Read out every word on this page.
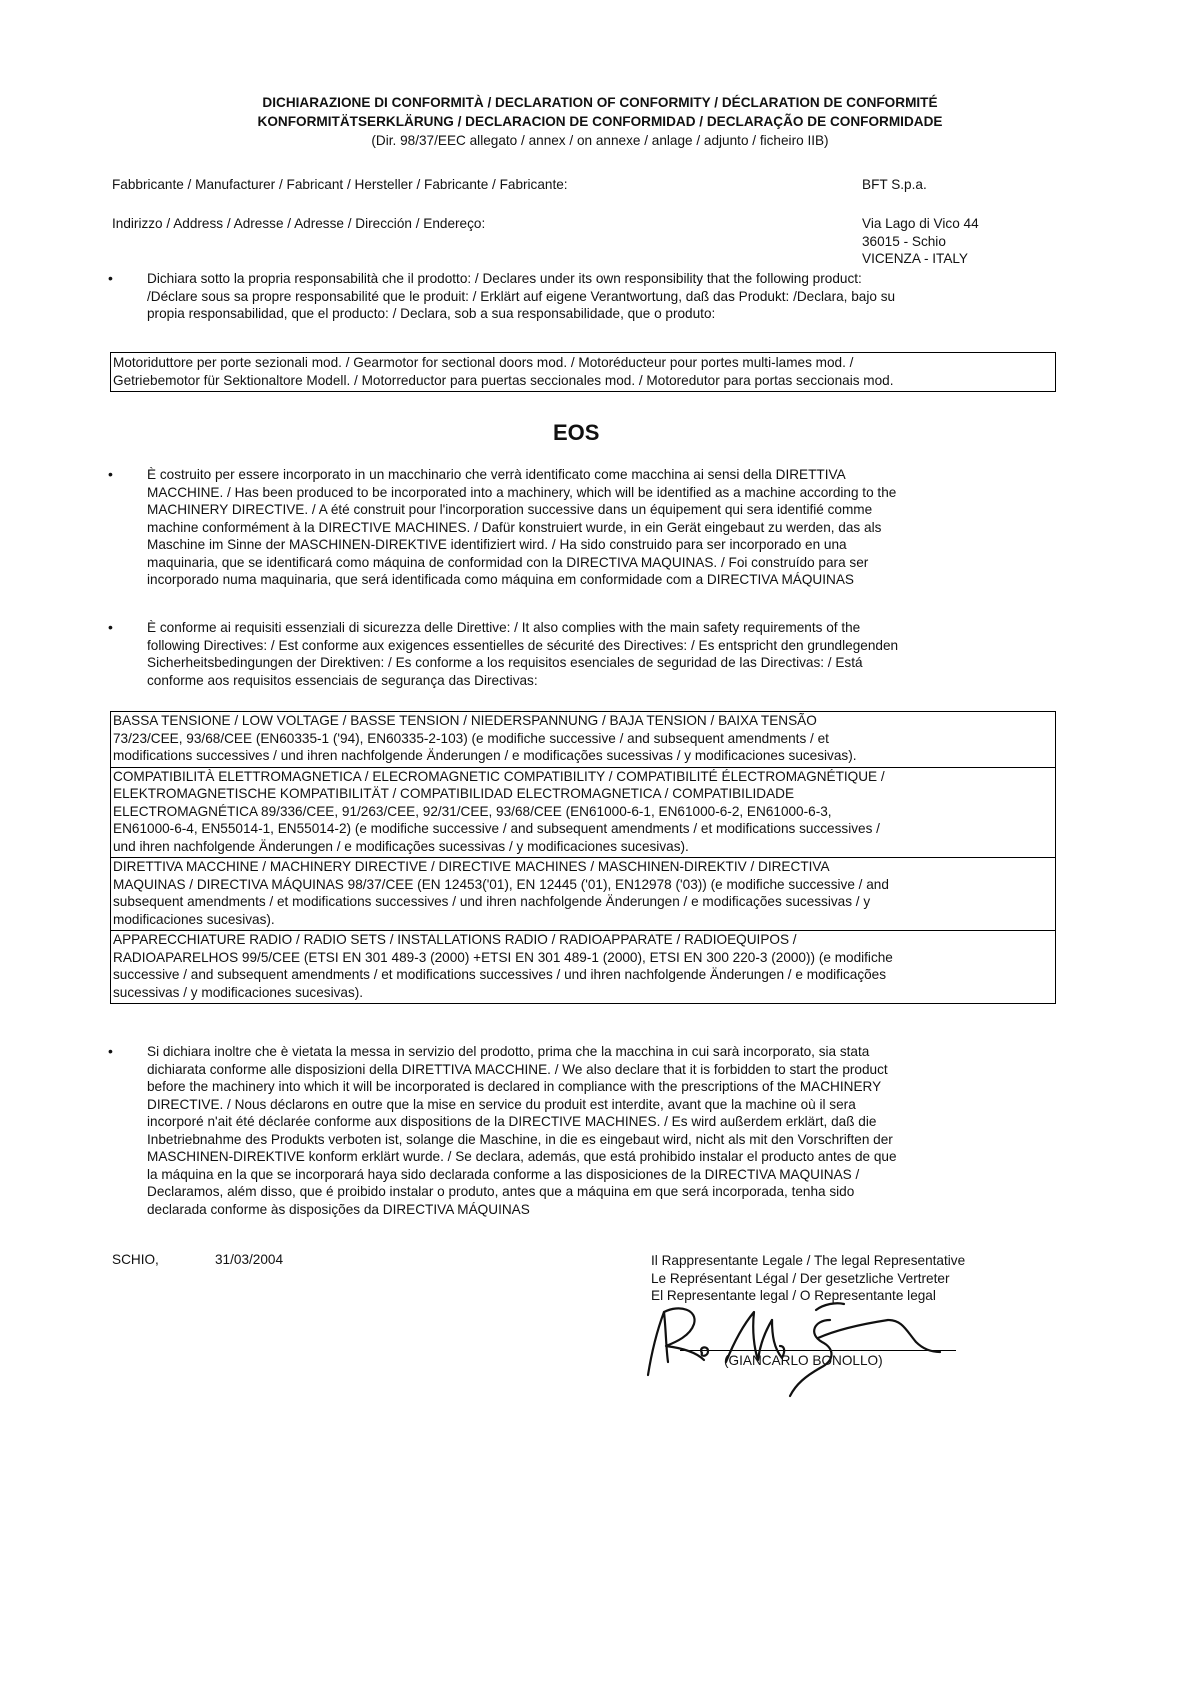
DICHIARAZIONE DI CONFORMITÀ / DECLARATION OF CONFORMITY / DÉCLARATION DE CONFORMITÉ
KONFORMITÄTSERKLÄRUNG / DECLARACION DE CONFORMIDAD / DECLARAÇÃO DE CONFORMIDADE
(Dir. 98/37/EEC allegato / annex / on annexe / anlage / adjunto / ficheiro IIB)
Fabbricante / Manufacturer / Fabricant / Hersteller / Fabricante / Fabricante:	BFT S.p.a.
Indirizzo / Address / Adresse / Adresse / Dirección / Endereço:	Via Lago di Vico 44
36015 - Schio
VICENZA - ITALY
•	Dichiara sotto la propria responsabilità che il prodotto: / Declares under its own responsibility that the following product:
/Déclare sous sa propre responsabilité que le produit: / Erklärt auf eigene Verantwortung, daß das Produkt: /Declara, bajo su
propia responsabilidad, que el producto: / Declara, sob a sua responsabilidade, que o produto:
Motoriduttore per porte sezionali mod. / Gearmotor for sectional doors mod. / Motoréducteur pour portes multi-lames mod. /
Getriebemotor für Sektionaltore Modell. / Motorreductor para puertas seccionales mod. / Motoredutor para portas seccionais mod.
EOS
•	È costruito per essere incorporato in un macchinario che verrà identificato come macchina ai sensi della DIRETTIVA
MACCHINE. / Has been produced to be incorporated into a machinery, which will be identified as a machine according to the
MACHINERY DIRECTIVE. / A été construit pour l'incorporation successive dans un équipement qui sera identifié comme
machine conformément à la DIRECTIVE MACHINES. / Dafür konstruiert wurde, in ein Gerät eingebaut zu werden, das als
Maschine im Sinne der MASCHINEN-DIREKTIVE identifiziert wird. / Ha sido construido para ser incorporado en una
maquinaria, que se identificará como máquina de conformidad con la DIRECTIVA MAQUINAS. / Foi construído para ser
incorporado numa maquinaria, que será identificada como máquina em conformidade com a DIRECTIVA MÁQUINAS
•	È conforme ai requisiti essenziali di sicurezza delle Direttive: / It also complies with the main safety requirements of the
following Directives: / Est conforme aux exigences essentielles de sécurité des Directives: / Es entspricht den grundlegenden
Sicherheitsbedingungen der Direktiven: / Es conforme a los requisitos esenciales de seguridad de las Directivas: / Está
conforme aos requisitos essenciais de segurança das Directivas:
BASSA TENSIONE / LOW VOLTAGE / BASSE TENSION / NIEDERSPANNUNG / BAJA TENSION / BAIXA TENSÃO
73/23/CEE, 93/68/CEE (EN60335-1 ('94), EN60335-2-103) (e modifiche successive / and subsequent amendments / et
modifications successives / und ihren nachfolgende Änderungen / e modificações sucessivas / y modificaciones sucesivas).
COMPATIBILITÀ ELETTROMAGNETICA / ELECROMAGNETIC COMPATIBILITY / COMPATIBILITÉ ÉLECTROMAGNÉTIQUE /
ELEKTROMAGNETISCHE KOMPATIBILITÄT / COMPATIBILIDAD ELECTROMAGNETICA / COMPATIBILIDADE
ELECTROMAGNÉTICA 89/336/CEE, 91/263/CEE, 92/31/CEE, 93/68/CEE (EN61000-6-1, EN61000-6-2, EN61000-6-3,
EN61000-6-4, EN55014-1, EN55014-2) (e modifiche successive / and subsequent amendments / et modifications successives /
und ihren nachfolgende Änderungen / e modificações sucessivas / y modificaciones sucesivas).
DIRETTIVA MACCHINE / MACHINERY DIRECTIVE / DIRECTIVE MACHINES / MASCHINEN-DIREKTIV / DIRECTIVA
MAQUINAS / DIRECTIVA MÁQUINAS 98/37/CEE (EN 12453('01), EN 12445 ('01), EN12978 ('03)) (e modifiche successive / and
subsequent amendments / et modifications successives / und ihren nachfolgende Änderungen / e modificações sucessivas / y
modificaciones sucesivas).
APPARECCHIATURE RADIO / RADIO SETS / INSTALLATIONS RADIO / RADIOAPPARATE / RADIOEQUIPOS /
RADIOAPARELHOS 99/5/CEE (ETSI EN 301 489-3 (2000) +ETSI EN 301 489-1 (2000), ETSI EN 300 220-3 (2000)) (e modifiche
successive / and subsequent amendments / et modifications successives / und ihren nachfolgende Änderungen / e modificações
sucessivas / y modificaciones sucesivas).
•	Si dichiara inoltre che è vietata la messa in servizio del prodotto, prima che la macchina in cui sarà incorporato, sia stata
dichiarata conforme alle disposizioni della DIRETTIVA MACCHINE. / We also declare that it is forbidden to start the product
before the machinery into which it will be incorporated is declared in compliance with the prescriptions of the MACHINERY
DIRECTIVE. / Nous déclarons en outre que la mise en service du produit est interdite, avant que la machine où il sera
incorporé n'ait été déclarée conforme aux dispositions de la DIRECTIVE MACHINES. / Es wird außerdem erklärt, daß die
Inbetriebnahme des Produkts verboten ist, solange die Maschine, in die es eingebaut wird, nicht als mit den Vorschriften der
MASCHINEN-DIREKTIVE konform erklärt wurde. / Se declara, además, que está prohibido instalar el producto antes de que
la máquina en la que se incorporará haya sido declarada conforme a las disposiciones de la DIRECTIVA MAQUINAS /
Declaramos, além disso, que é proibido instalar o produto, antes que a máquina em que será incorporada, tenha sido
declarada conforme às disposições da DIRECTIVA MÁQUINAS
SCHIO,	31/03/2004	Il Rappresentante Legale / The legal Representative
Le Représentant Légal / Der gesetzliche Vertreter
El Representante legal / O Representante legal
(GIANCARLO BONOLLO)
